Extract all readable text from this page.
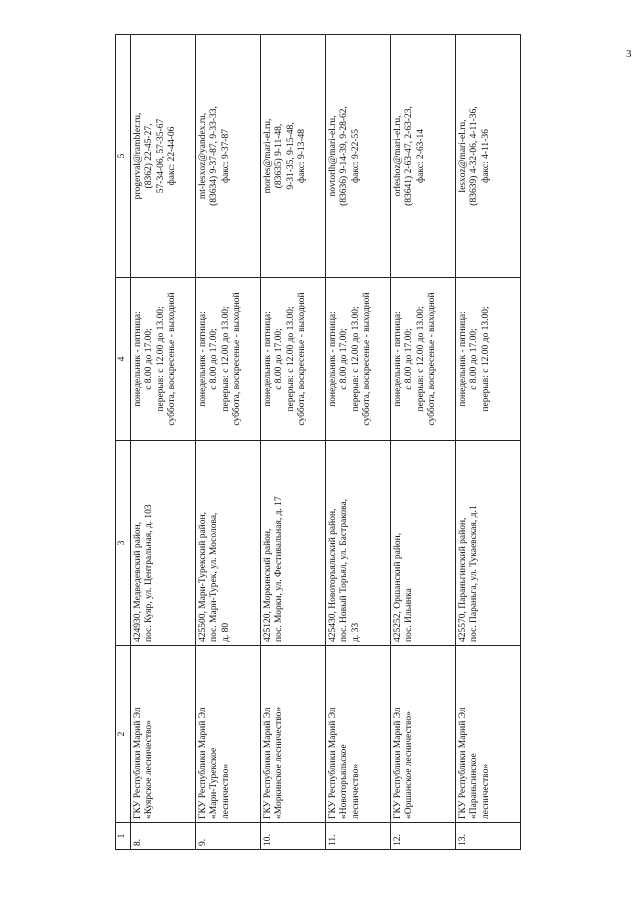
3
1	2	3	4	5
8.	ГКУ Республики Марий Эл «Куярское лесничество»	424930, Медведевский район, пос. Куяр, ул. Центральная, д. 103	понедельник - пятница: с 8.00 до 17.00; перерыв: с 12.00 до 13.00; суббота, воскресенье - выходной	progerval@rambler.ru, (8362) 22-45-27, 57-34-06, 57-35-67 факс: 22-44-06

9.	ГКУ Республики Марий Эл «Мари-Турекское лесничество»	425500, Мари-Турекский район, пос. Мари-Турек, ул. Мосолова, д. 80	понедельник - пятница: с 8.00 до 17.00; перерыв: с 12.00 до 13.00; суббота, воскресенье - выходной	mt-lesxoz@yandex.ru, (83634) 9-37-87, 9-33-33, факс: 9-37-87

10.	ГКУ Республики Марий Эл «Моркинское лесничество»	425120, Моркинский район, пос. Морки, ул. Фестивальная, д. 17	понедельник - пятница: с 8.00 до 17.00; перерыв: с 12.00 до 13.00; суббота, воскресенье - выходной	morles@mari-el.ru, (83635) 9-11-48, 9-31-35, 9-15-48, факс: 9-13-48

11.	ГКУ Республики Марий Эл «Новоторъяльское лесничество»	425430, Новоторъяльский район, пос. Новый Торъял, ул. Бастракова, д. 33	понедельник - пятница: с 8.00 до 17.00; перерыв: с 12.00 до 13.00; суббота, воскресенье - выходной	novtorlh@mari-el.ru, (83636) 9-14-39, 9-28-62, факс: 9-22-55

12.	ГКУ Республики Марий Эл «Оршанское лесничество»	425252, Оршанский район, пос. Ильинка	понедельник - пятница: с 8.00 до 17.00; перерыв: с 12.00 до 13.00; суббота, воскресенье - выходной	orleshoz@mari-el.ru, (83641) 2-63-47, 2-63-23, факс: 2-63-14

13.	ГКУ Республики Марий Эл «Параньгинское лесничество»	425570, Параньгинский район, пос. Параньга, ул. Тукаевская, д.1	понедельник - пятница: с 8.00 до 17.00; перерыв: с 12.00 до 13.00;	lesxoz@mari-el.ru, (83639) 4-32-06, 4-11-36, факс: 4-11-36
